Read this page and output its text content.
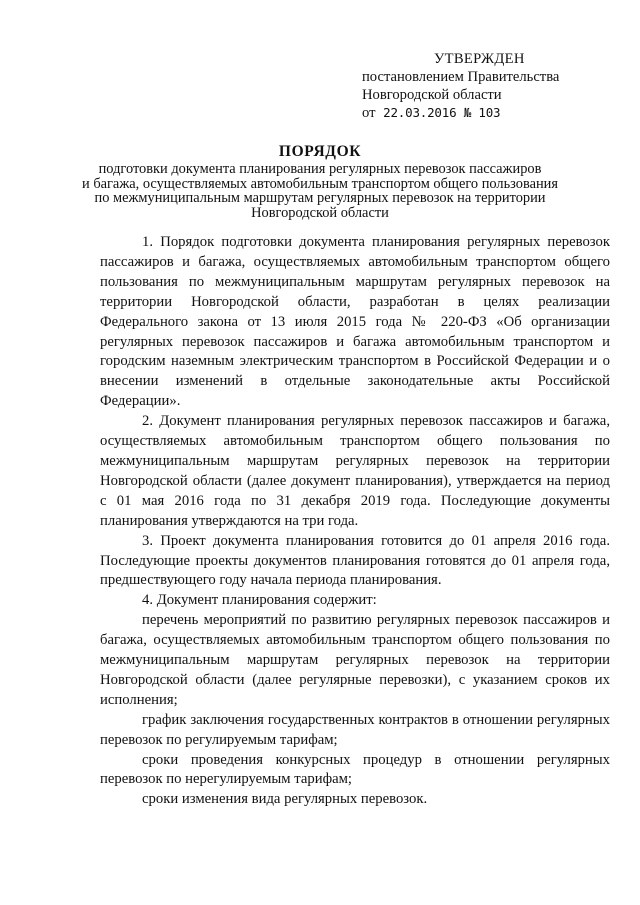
УТВЕРЖДЕН
постановлением Правительства
Новгородской области
от 22.03.2016 № 103
ПОРЯДОК
подготовки документа планирования регулярных перевозок пассажиров
и багажа, осуществляемых автомобильным транспортом общего пользования
по межмуниципальным маршрутам регулярных перевозок на территории
Новгородской области

1. Порядок подготовки документа планирования регулярных перевозок пассажиров и багажа, осуществляемых автомобильным транспортом общего пользования по межмуниципальным маршрутам регулярных перевозок на территории Новгородской области, разработан в целях реализации Федерального закона от 13 июля 2015 года № 220-ФЗ «Об организации регулярных перевозок пассажиров и багажа автомобильным транспортом и городским наземным электрическим транспортом в Российской Федерации и о внесении изменений в отдельные законодательные акты Российской Федерации».

2. Документ планирования регулярных перевозок пассажиров и багажа, осуществляемых автомобильным транспортом общего пользования по межмуниципальным маршрутам регулярных перевозок на территории Новгородской области (далее документ планирования), утверждается на период с 01 мая 2016 года по 31 декабря 2019 года. Последующие документы планирования утверждаются на три года.

3. Проект документа планирования готовится до 01 апреля 2016 года. Последующие проекты документов планирования готовятся до 01 апреля года, предшествующего году начала периода планирования.

4. Документ планирования содержит:

перечень мероприятий по развитию регулярных перевозок пассажиров и багажа, осуществляемых автомобильным транспортом общего пользования по межмуниципальным маршрутам регулярных перевозок на территории Новгородской области (далее регулярные перевозки), с указанием сроков их исполнения;

график заключения государственных контрактов в отношении регулярных перевозок по регулируемым тарифам;

сроки проведения конкурсных процедур в отношении регулярных перевозок по нерегулируемым тарифам;

сроки изменения вида регулярных перевозок.
